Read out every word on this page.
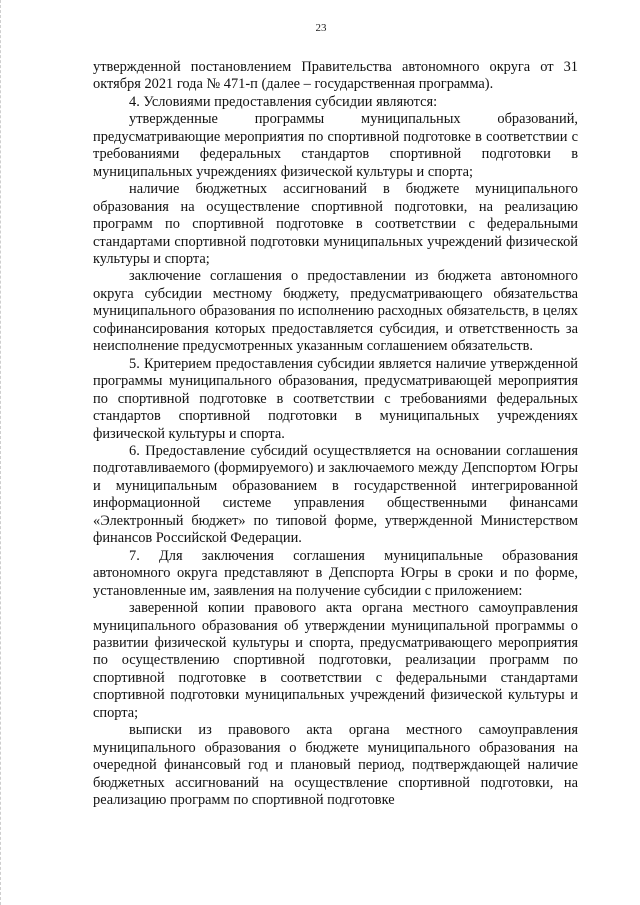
23

утвержденной постановлением Правительства автономного округа от 31 октября 2021 года № 471-п (далее – государственная программа).

4. Условиями предоставления субсидии являются:

утвержденные программы муниципальных образований, предусматривающие мероприятия по спортивной подготовке в соответствии с требованиями федеральных стандартов спортивной подготовки в муниципальных учреждениях физической культуры и спорта;

наличие бюджетных ассигнований в бюджете муниципального образования на осуществление спортивной подготовки, на реализацию программ по спортивной подготовке в соответствии с федеральными стандартами спортивной подготовки муниципальных учреждений физической культуры и спорта;

заключение соглашения о предоставлении из бюджета автономного округа субсидии местному бюджету, предусматривающего обязательства муниципального образования по исполнению расходных обязательств, в целях софинансирования которых предоставляется субсидия, и ответственность за неисполнение предусмотренных указанным соглашением обязательств.

5. Критерием предоставления субсидии является наличие утвержденной программы муниципального образования, предусматривающей мероприятия по спортивной подготовке в соответствии с требованиями федеральных стандартов спортивной подготовки в муниципальных учреждениях физической культуры и спорта.

6. Предоставление субсидий осуществляется на основании соглашения подготавливаемого (формируемого) и заключаемого между Депспортом Югры и муниципальным образованием в государственной интегрированной информационной системе управления общественными финансами «Электронный бюджет» по типовой форме, утвержденной Министерством финансов Российской Федерации.

7. Для заключения соглашения муниципальные образования автономного округа представляют в Депспорта Югры в сроки и по форме, установленные им, заявления на получение субсидии с приложением:

заверенной копии правового акта органа местного самоуправления муниципального образования об утверждении муниципальной программы о развитии физической культуры и спорта, предусматривающего мероприятия по осуществлению спортивной подготовки, реализации программ по спортивной подготовке в соответствии с федеральными стандартами спортивной подготовки муниципальных учреждений физической культуры и спорта;

выписки из правового акта органа местного самоуправления муниципального образования о бюджете муниципального образования на очередной финансовый год и плановый период, подтверждающей наличие бюджетных ассигнований на осуществление спортивной подготовки, на реализацию программ по спортивной подготовке
